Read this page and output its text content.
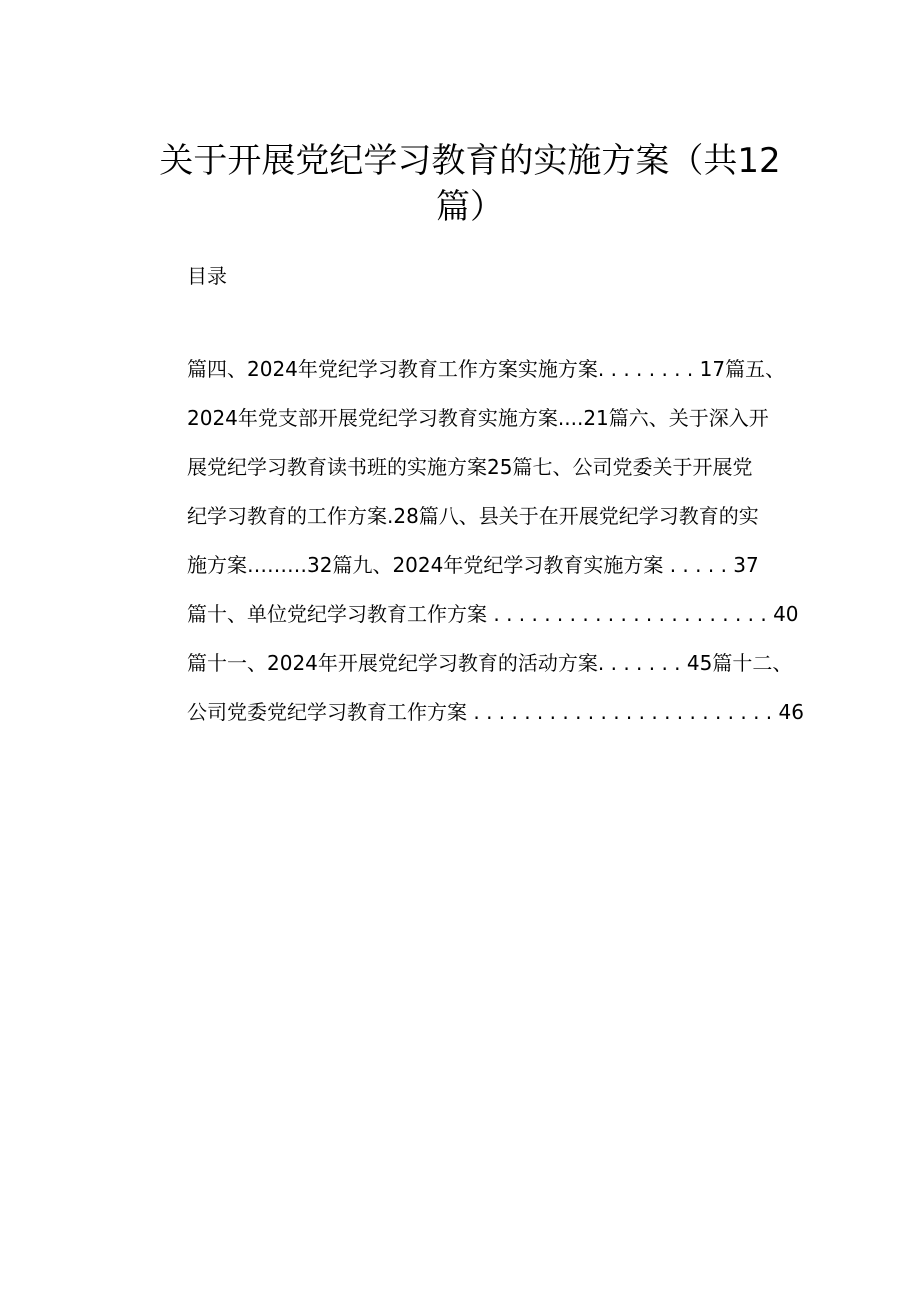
关于开展党纪学习教育的实施方案（共12
篇）
目录
篇四、2024年党纪学习教育工作方案实施方案. . . . . . . . 17篇五、
2024年党支部开展党纪学习教育实施方案....21篇六、关于深入开
展党纪学习教育读书班的实施方案25篇七、公司党委关于开展党
纪学习教育的工作方案.28篇八、县关于在开展党纪学习教育的实
施方案………32篇九、2024年党纪学习教育实施方案 . . . . . 37
篇十、单位党纪学习教育工作方案 . . . . . . . . . . . . . . . . . . . . . . 40
篇十一、2024年开展党纪学习教育的活动方案. . . . . . . 45篇十二、
公司党委党纪学习教育工作方案 . . . . . . . . . . . . . . . . . . . . . . . . 46
